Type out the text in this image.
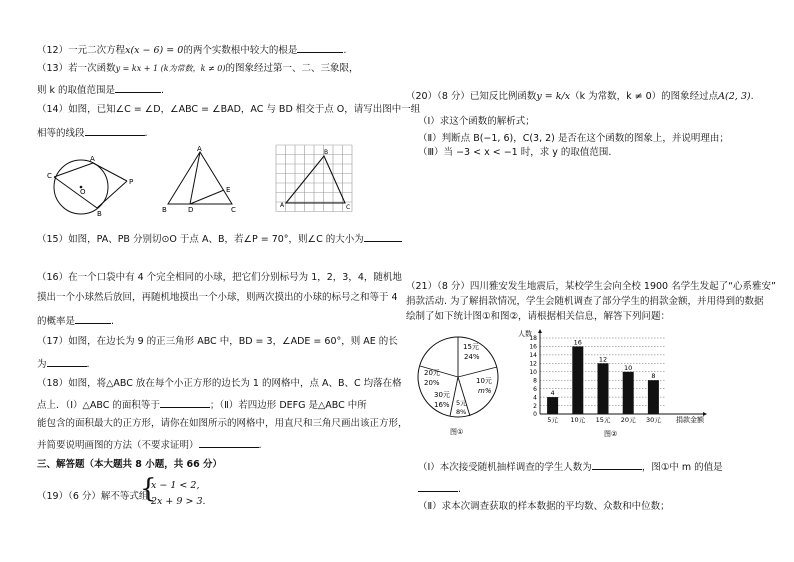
（12）一元二次方程x(x − 6) = 0的两个实数根中较大的根是	.
（13）若一次函数y = kx + 1 (k为常数，k ≠ 0)的图象经过第一、二、三象限，
则 k 的取值范围是	.
（14）如图，已知∠C = ∠D，∠ABC = ∠BAD，AC 与 BD 相交于点 O，请写出图中一组
相等的线段	.
A
C
O
P
B
A
E
B	D	C
A
B
C
（15）如图，PA、PB 分别切⊙O 于点 A、B，若∠P = 70°，则∠C 的大小为
（16）在一个口袋中有 4 个完全相同的小球，把它们分别标号为 1，2，3，4，随机地
摸出一个小球然后放回，再随机地摸出一个小球，则两次摸出的小球的标号之和等于 4
的概率是	.
（17）如图，在边长为 9 的正三角形 ABC 中，BD = 3，∠ADE = 60°，则 AE 的长
为	.
（18）如图，将△ABC 放在每个小正方形的边长为 1 的网格中，点 A、B、C 均落在格
点上．（Ⅰ）△ABC 的面积等于	；（Ⅱ）若四边形 DEFG 是△ABC 中所
能包含的面积最大的正方形，请你在如图所示的网格中，用直尺和三角尺画出该正方形，
并简要说明画图的方法（不要求证明）	.
三、解答题（本大题共 8 小题，共 66 分）
（19）（6 分）解不等式组
{
x − 1 < 2,
2x + 9 > 3.
（20）（8 分）已知反比例函数y = k/x（k 为常数，k ≠ 0）的图象经过点A(2, 3).
（Ⅰ）求这个函数的解析式；
（Ⅱ）判断点 B(−1, 6)，C(3, 2) 是否在这个函数的图象上，并说明理由；
（Ⅲ）当 −3 < x < −1 时，求 y 的取值范围.
（21）（8 分）四川雅安发生地震后，某校学生会向全校 1900 名学生发起了“心系雅安”
捐款活动. 为了解捐款情况，学生会随机调查了部分学生的捐款金额，并用得到的数据
绘制了如下统计图①和图②，请根据相关信息，解答下列问题：
15元
24%
10元
m%
5元
8%
30元
16%
20元
20%
图①
0
2
4
6
8
10
12
14
16
18
4
5元
16
10元
12
15元
10
20元
8
30元
人数
捐款金额
图②
（Ⅰ）本次接受随机抽样调查的学生人数为	，图①中 m 的值是
.
（Ⅱ）求本次调查获取的样本数据的平均数、众数和中位数；
